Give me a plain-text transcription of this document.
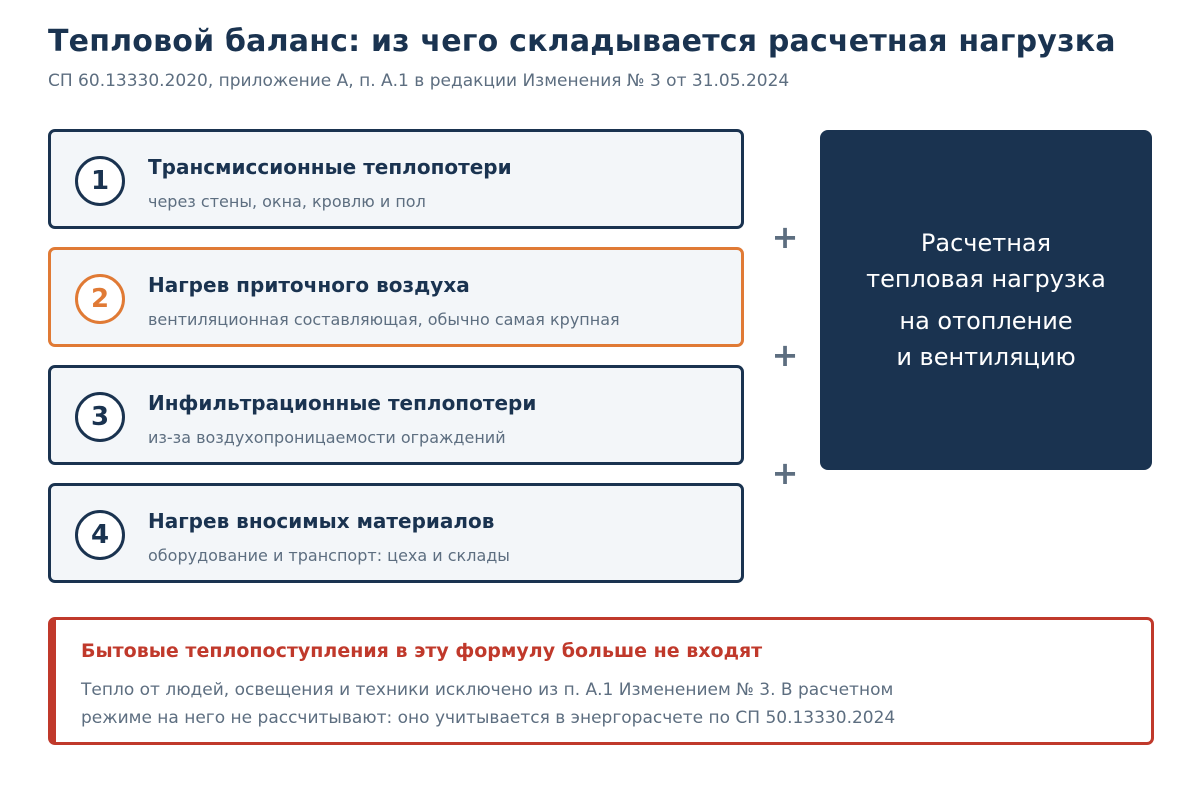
Тепловой баланс: из чего складывается расчетная нагрузка
СП 60.13330.2020, приложение А, п. А.1 в редакции Изменения № 3 от 31.05.2024
1	Трансмиссионные теплопотери
через стены, окна, кровлю и пол
2	Нагрев приточного воздуха
вентиляционная составляющая, обычно самая крупная
3	Инфильтрационные теплопотери
из-за воздухопроницаемости ограждений
4	Нагрев вносимых материалов
оборудование и транспорт: цеха и склады
+
+
+
Расчетная
тепловая нагрузка
на отопление
и вентиляцию
Бытовые теплопоступления в эту формулу больше не входят
Тепло от людей, освещения и техники исключено из п. А.1 Изменением № 3. В расчетном
режиме на него не рассчитывают: оно учитывается в энергорасчете по СП 50.13330.2024
